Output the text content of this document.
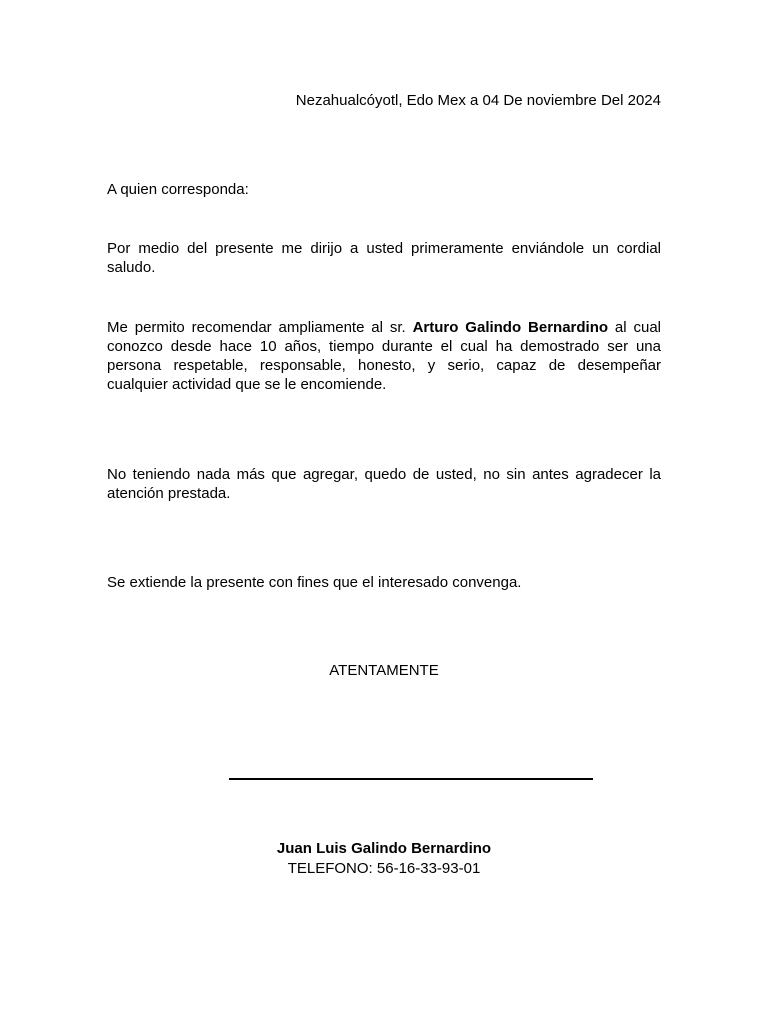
Nezahualcóyotl, Edo Mex a 04 De noviembre Del 2024
A quien corresponda:
Por medio del presente me dirijo a usted primeramente enviándole un cordial saludo.
Me permito recomendar ampliamente al sr. Arturo Galindo Bernardino al cual conozco desde hace 10 años, tiempo durante el cual ha demostrado ser una persona respetable, responsable, honesto, y serio, capaz de desempeñar cualquier actividad que se le encomiende.
No teniendo nada más que agregar, quedo de usted, no sin antes agradecer la atención prestada.
Se extiende la presente con fines que el interesado convenga.
ATENTAMENTE
Juan Luis Galindo Bernardino
TELEFONO: 56-16-33-93-01
